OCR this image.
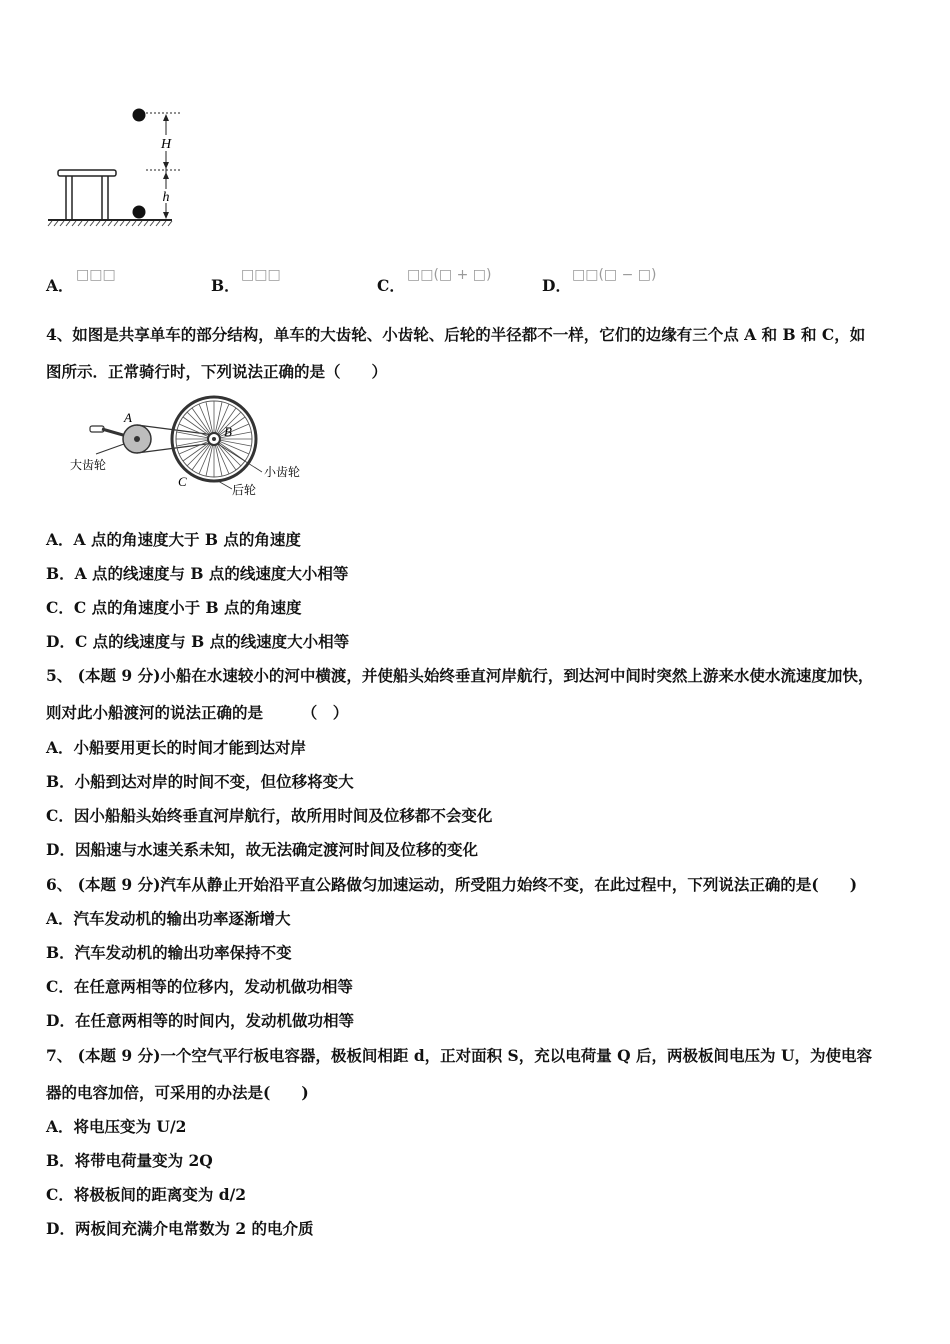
H
h
A．
□□□
B．
□□□
C．
□□(□ + □)
D．
□□(□ − □)
4、如图是共享单车的部分结构，单车的大齿轮、小齿轮、后轮的半径都不一样，它们的边缘有三个点 A 和 B 和 C，如
图所示．正常骑行时，下列说法正确的是（　　）
A
B
C
大齿轮	小齿轮
后轮
A．A 点的角速度大于 B 点的角速度
B．A 点的线速度与 B 点的线速度大小相等
C．C 点的角速度小于 B 点的角速度
D．C 点的线速度与 B 点的线速度大小相等
5、 (本题 9 分)小船在水速较小的河中横渡，并使船头始终垂直河岸航行，到达河中间时突然上游来水使水流速度加快，
则对此小船渡河的说法正确的是　　　（　）
A．小船要用更长的时间才能到达对岸
B．小船到达对岸的时间不变，但位移将变大
C．因小船船头始终垂直河岸航行，故所用时间及位移都不会变化
D．因船速与水速关系未知，故无法确定渡河时间及位移的变化
6、 (本题 9 分)汽车从静止开始沿平直公路做匀加速运动，所受阻力始终不变，在此过程中，下列说法正确的是(　　)
A．汽车发动机的输出功率逐渐增大
B．汽车发动机的输出功率保持不变
C．在任意两相等的位移内，发动机做功相等
D．在任意两相等的时间内，发动机做功相等
7、 (本题 9 分)一个空气平行板电容器，极板间相距 d，正对面积 S，充以电荷量 Q 后，两极板间电压为 U，为使电容
器的电容加倍，可采用的办法是(　　)
A．将电压变为 U/2
B．将带电荷量变为 2Q
C．将极板间的距离变为 d/2
D．两板间充满介电常数为 2 的电介质
